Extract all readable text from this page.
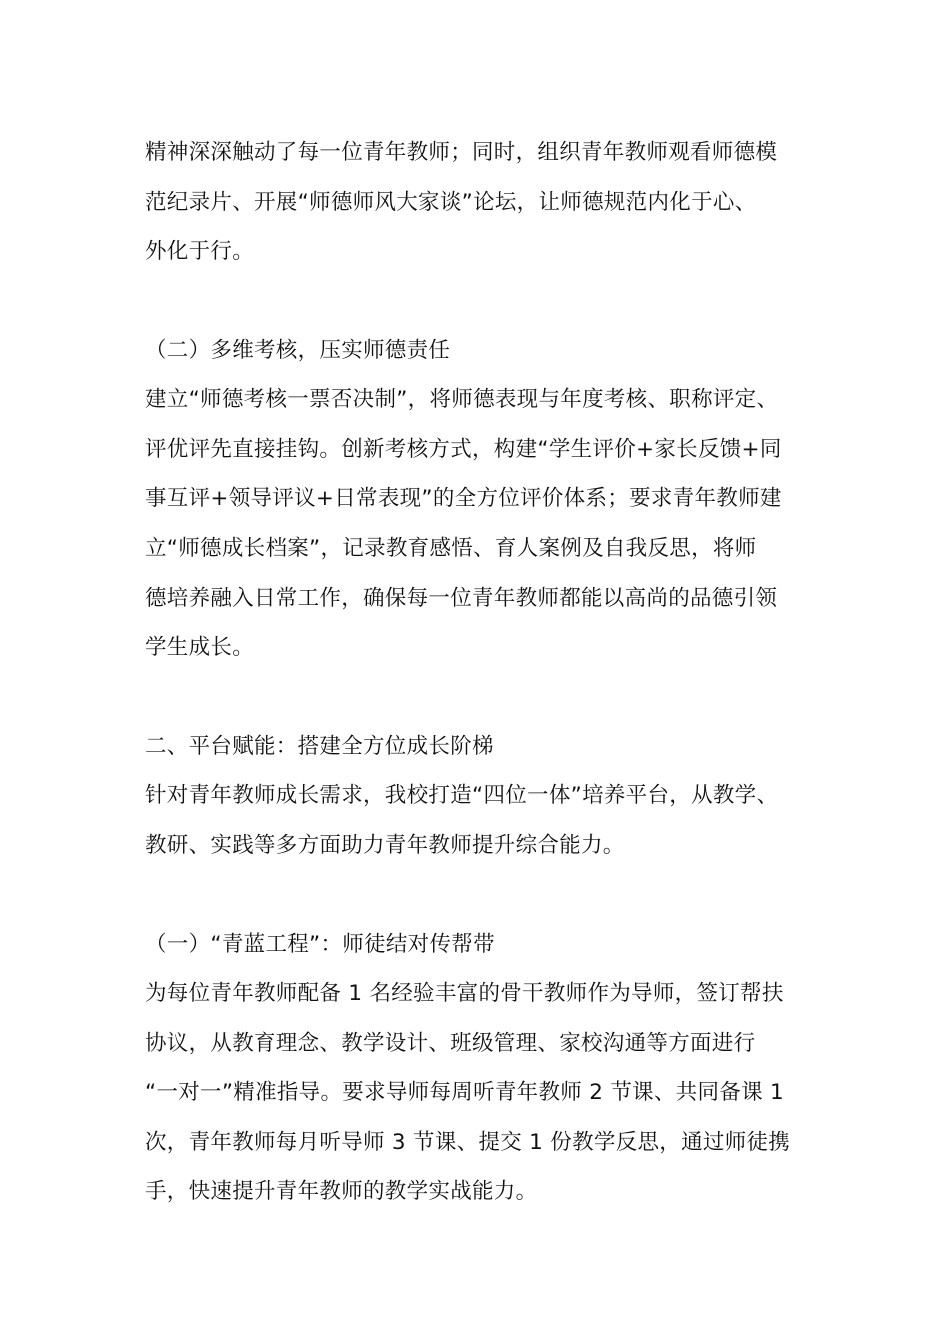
精神深深触动了每一位青年教师；同时，组织青年教师观看师德模
范纪录片、开展“师德师风大家谈”论坛，让师德规范内化于心、
外化于行。
（二）多维考核，压实师德责任
建立“师德考核一票否决制”，将师德表现与年度考核、职称评定、
评优评先直接挂钩。创新考核方式，构建“学生评价+家长反馈+同
事互评+领导评议+日常表现”的全方位评价体系；要求青年教师建
立“师德成长档案”，记录教育感悟、育人案例及自我反思，将师
德培养融入日常工作，确保每一位青年教师都能以高尚的品德引领
学生成长。
二、平台赋能：搭建全方位成长阶梯
针对青年教师成长需求，我校打造“四位一体”培养平台，从教学、
教研、实践等多方面助力青年教师提升综合能力。
（一）“青蓝工程”：师徒结对传帮带
为每位青年教师配备 1 名经验丰富的骨干教师作为导师，签订帮扶
协议，从教育理念、教学设计、班级管理、家校沟通等方面进行
“一对一”精准指导。要求导师每周听青年教师 2 节课、共同备课 1
次，青年教师每月听导师 3 节课、提交 1 份教学反思，通过师徒携
手，快速提升青年教师的教学实战能力。
